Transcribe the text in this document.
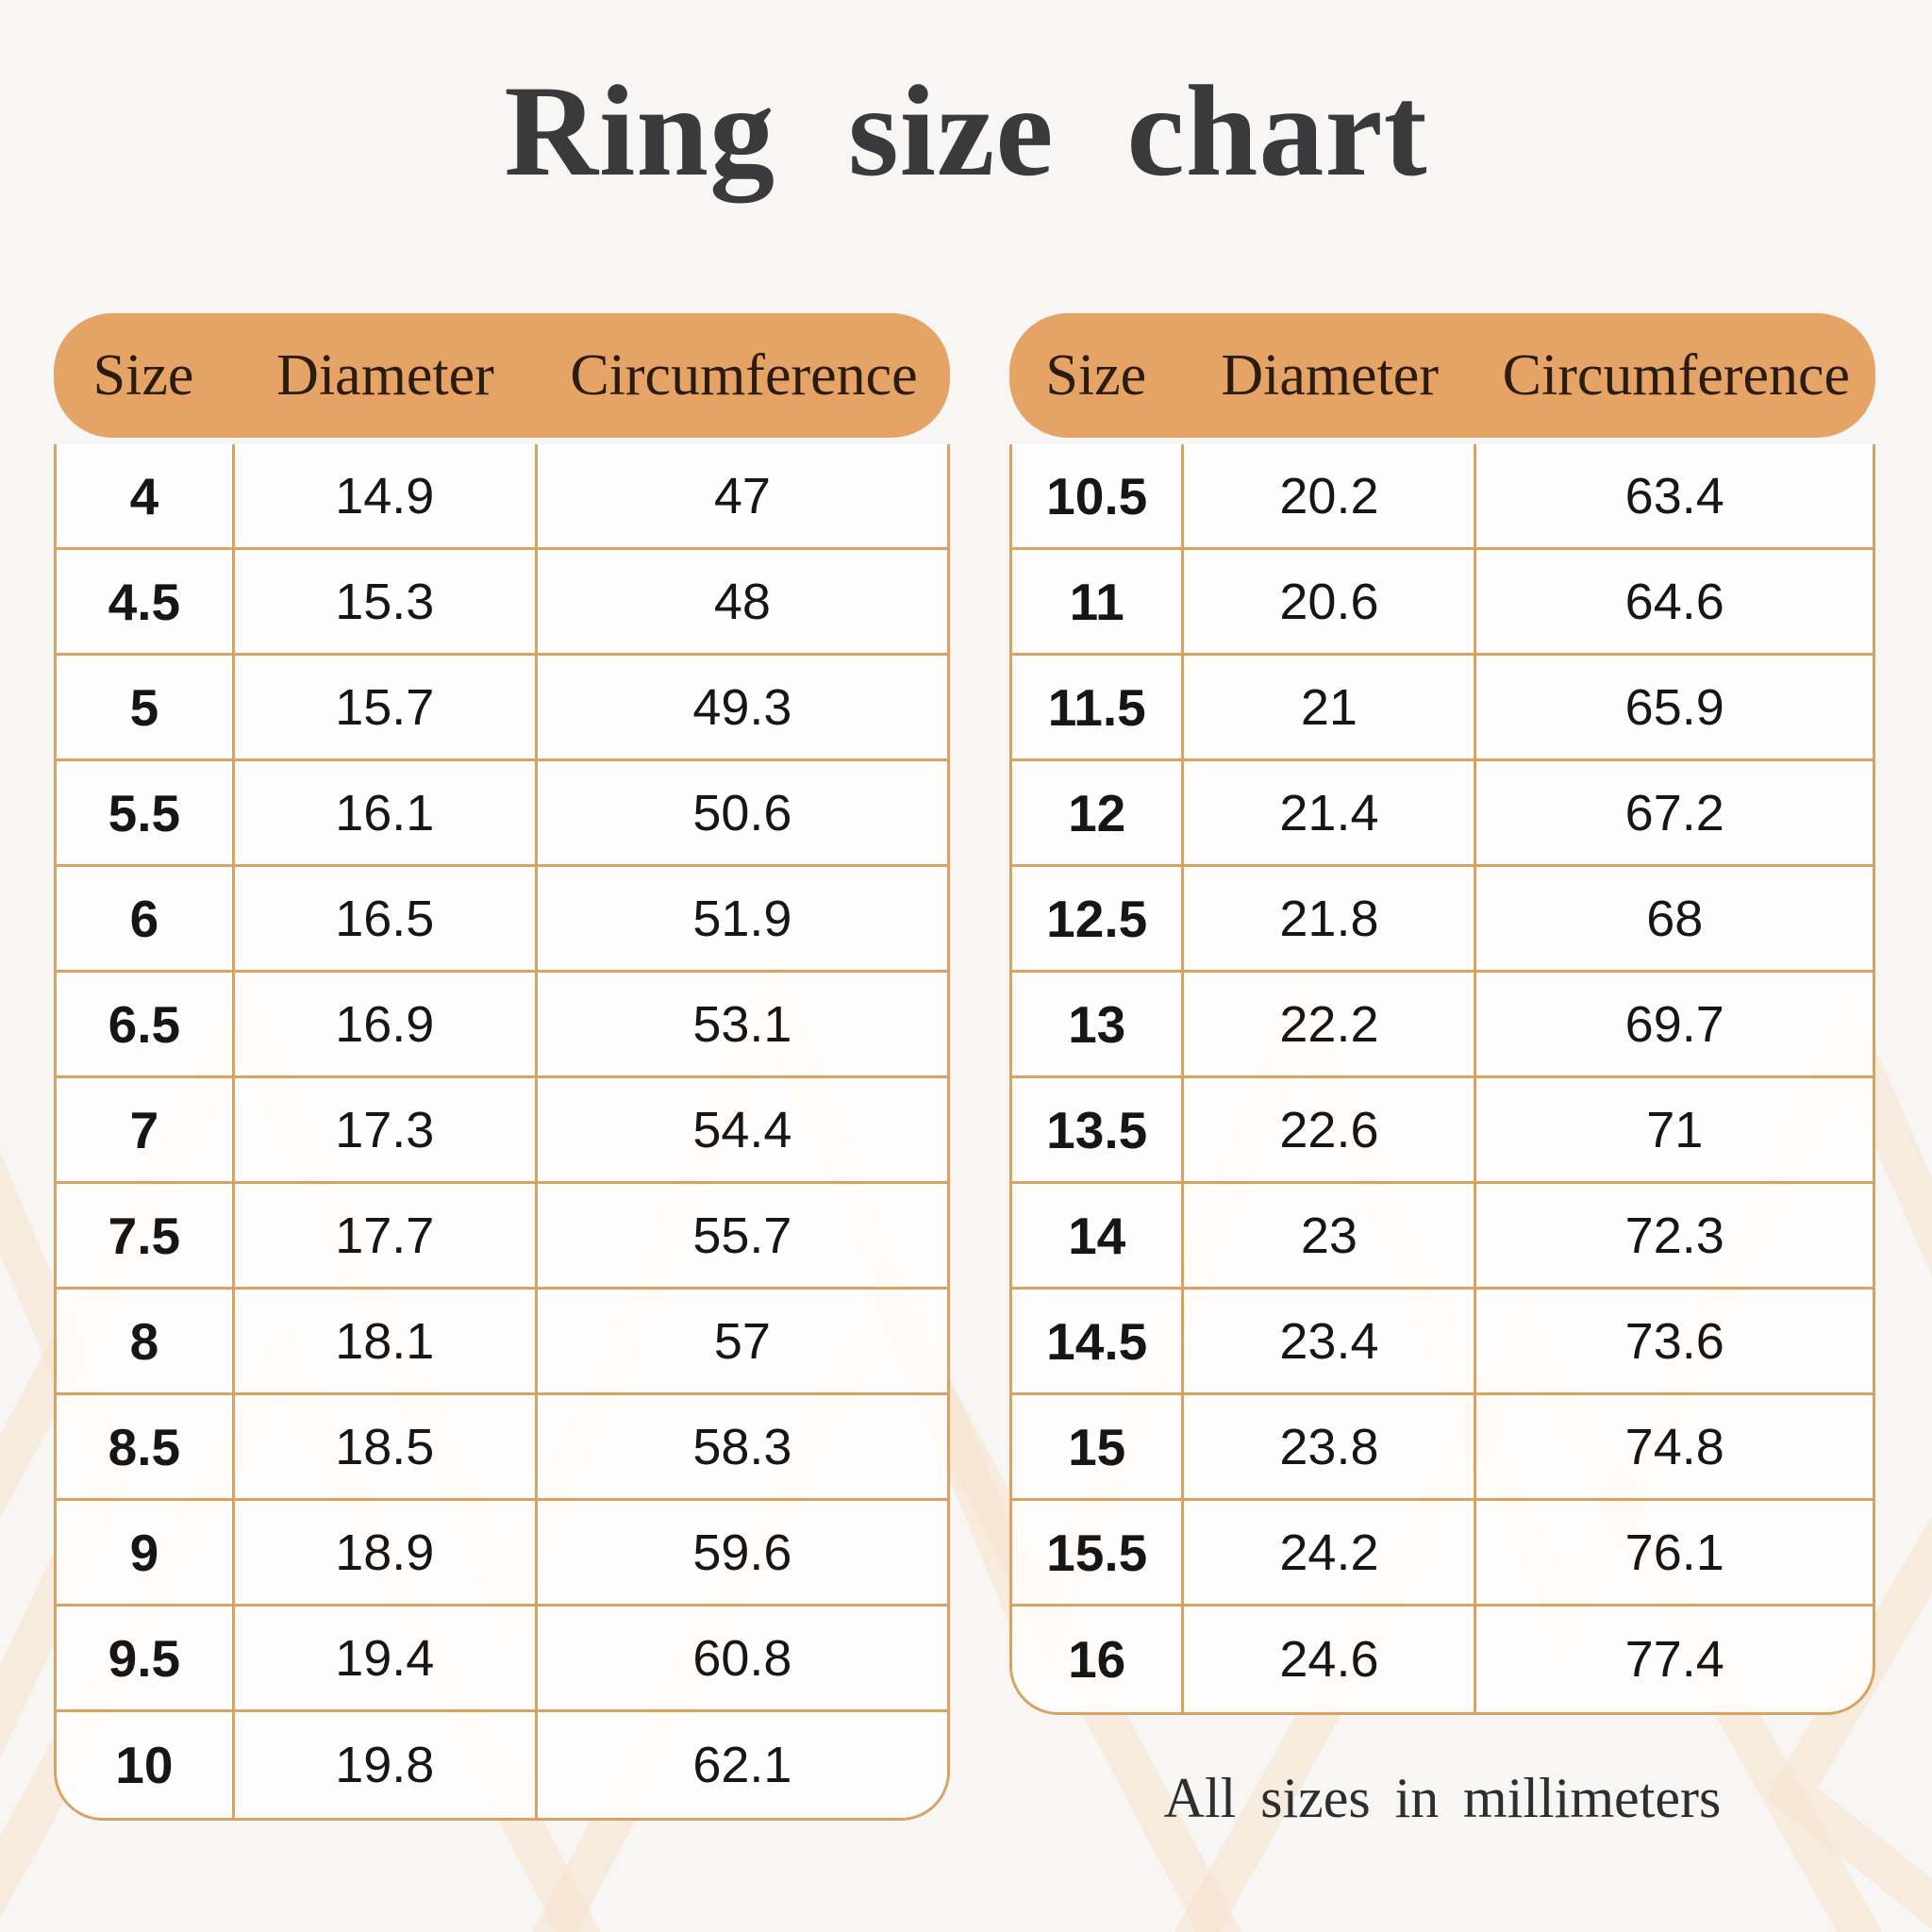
Ring size chart
Size	Diameter	Circumference
4	14.9	47
4.5	15.3	48
5	15.7	49.3
5.5	16.1	50.6
6	16.5	51.9
6.5	16.9	53.1
7	17.3	54.4
7.5	17.7	55.7
8	18.1	57
8.5	18.5	58.3
9	18.9	59.6
9.5	19.4	60.8
10	19.8	62.1
Size	Diameter	Circumference
10.5	20.2	63.4
11	20.6	64.6
11.5	21	65.9
12	21.4	67.2
12.5	21.8	68
13	22.2	69.7
13.5	22.6	71
14	23	72.3
14.5	23.4	73.6
15	23.8	74.8
15.5	24.2	76.1
16	24.6	77.4

All sizes in millimeters
